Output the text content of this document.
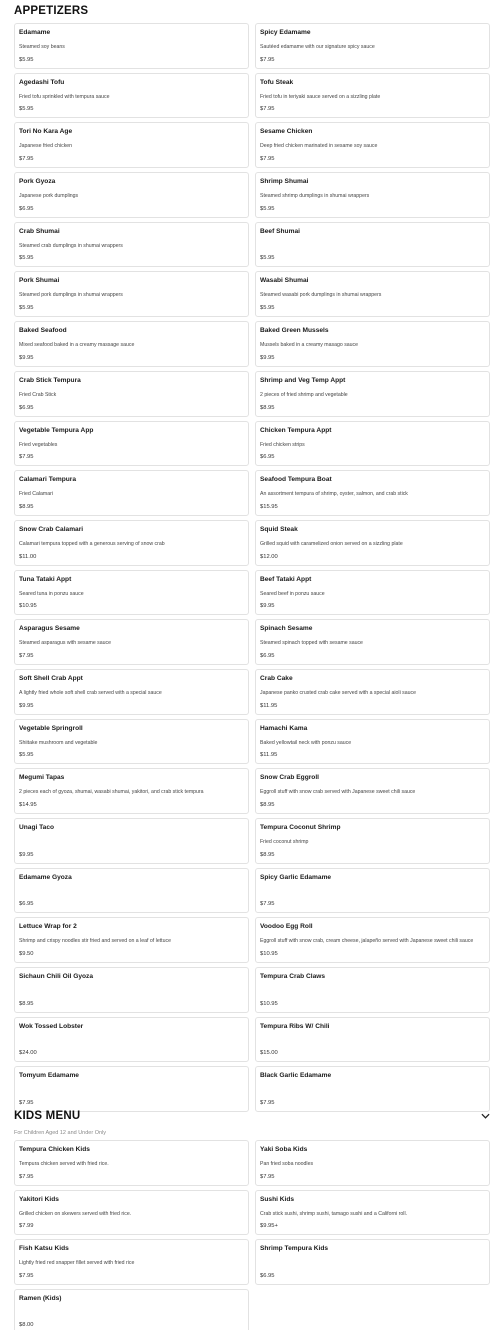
APPETIZERS
Edamame
Steamed soy beans
$5.95
Spicy Edamame
Sautéed edamame with our signature spicy sauce
$7.95
Agedashi Tofu
Fried tofu sprinkled with tempura sauce
$5.95
Tofu Steak
Fried tofu in teriyaki sauce served on a sizzling plate
$7.95
Tori No Kara Age
Japanese fried chicken
$7.95
Sesame Chicken
Deep fried chicken marinated in sesame soy sauce
$7.95
Pork Gyoza
Japanese pork dumplings
$6.95
Shrimp Shumai
Steamed shrimp dumplings in shumai wrappers
$5.95
Crab Shumai
Steamed crab dumplings in shumai wrappers
$5.95
Beef Shumai
$5.95
Pork Shumai
Steamed pork dumplings in shumai wrappers
$5.95
Wasabi Shumai
Steamed wasabi pork dumplings in shumai wrappers
$5.95
Baked Seafood
Mixed seafood baked in a creamy massage sauce
$9.95
Baked Green Mussels
Mussels baked in a creamy masago sauce
$9.95
Crab Stick Tempura
Fried Crab Stick
$6.95
Shrimp and Veg Temp Appt
2 pieces of fried shrimp and vegetable
$8.95
Vegetable Tempura App
Fried vegetables
$7.95
Chicken Tempura Appt
Fried chicken strips
$6.95
Calamari Tempura
Fried Calamari
$8.95
Seafood Tempura Boat
An assortment tempura of shrimp, oyster, salmon, and crab stick
$15.95
Snow Crab Calamari
Calamari tempura topped with a generous serving of snow crab
$11.00
Squid Steak
Grilled squid with caramelized onion served on a sizzling plate
$12.00
Tuna Tataki Appt
Seared tuna in ponzu sauce
$10.95
Beef Tataki Appt
Seared beef in ponzu sauce
$9.95
Asparagus Sesame
Steamed asparagus with sesame sauce
$7.95
Spinach Sesame
Steamed spinach topped with sesame sauce
$6.95
Soft Shell Crab Appt
A lightly fried whole soft shell crab served with a special sauce
$9.95
Crab Cake
Japanese panko crusted crab cake served with a special aioli sauce
$11.95
Vegetable Springroll
Shiitake mushroom and vegetable
$5.95
Hamachi Kama
Baked yellowtail neck with ponzu sauce
$11.95
Megumi Tapas
2 pieces each of gyoza, shumai, wasabi shumai, yakitori, and crab stick tempura
$14.95
Snow Crab Eggroll
Eggroll stuff with snow crab served with Japanese sweet chili sauce
$8.95
Unagi Taco
$9.95
Tempura Coconut Shrimp
Fried coconut shrimp
$8.95
Edamame Gyoza
$6.95
Spicy Garlic Edamame
$7.95
Lettuce Wrap for 2
Shrimp and crispy noodles stir fried and served on a leaf of lettuce
$9.50
Voodoo Egg Roll
Eggroll stuff with snow crab, cream cheese, jalapeño served with Japanese sweet chili sauce
$10.95
Sichaun Chili Oil Gyoza
$8.95
Tempura Crab Claws
$10.95
Wok Tossed Lobster
$24.00
Tempura Ribs W/ Chili
$15.00
Tomyum Edamame
$7.95
Black Garlic Edamame
$7.95
KIDS MENU
For Children Aged 12 and Under Only
Tempura Chicken Kids
Tempura chicken served with fried rice.
$7.95
Yaki Soba Kids
Pan fried soba noodles
$7.95
Yakitori Kids
Grilled chicken on skewers served with fried rice.
$7.99
Sushi Kids
Crab stick sushi, shrimp sushi, tamago sushi and a Californi roll.
$9.95+
Fish Katsu Kids
Lightly fried red snapper fillet served with fried rice
$7.95
Shrimp Tempura Kids
$6.95
Ramen (Kids)
$8.00
